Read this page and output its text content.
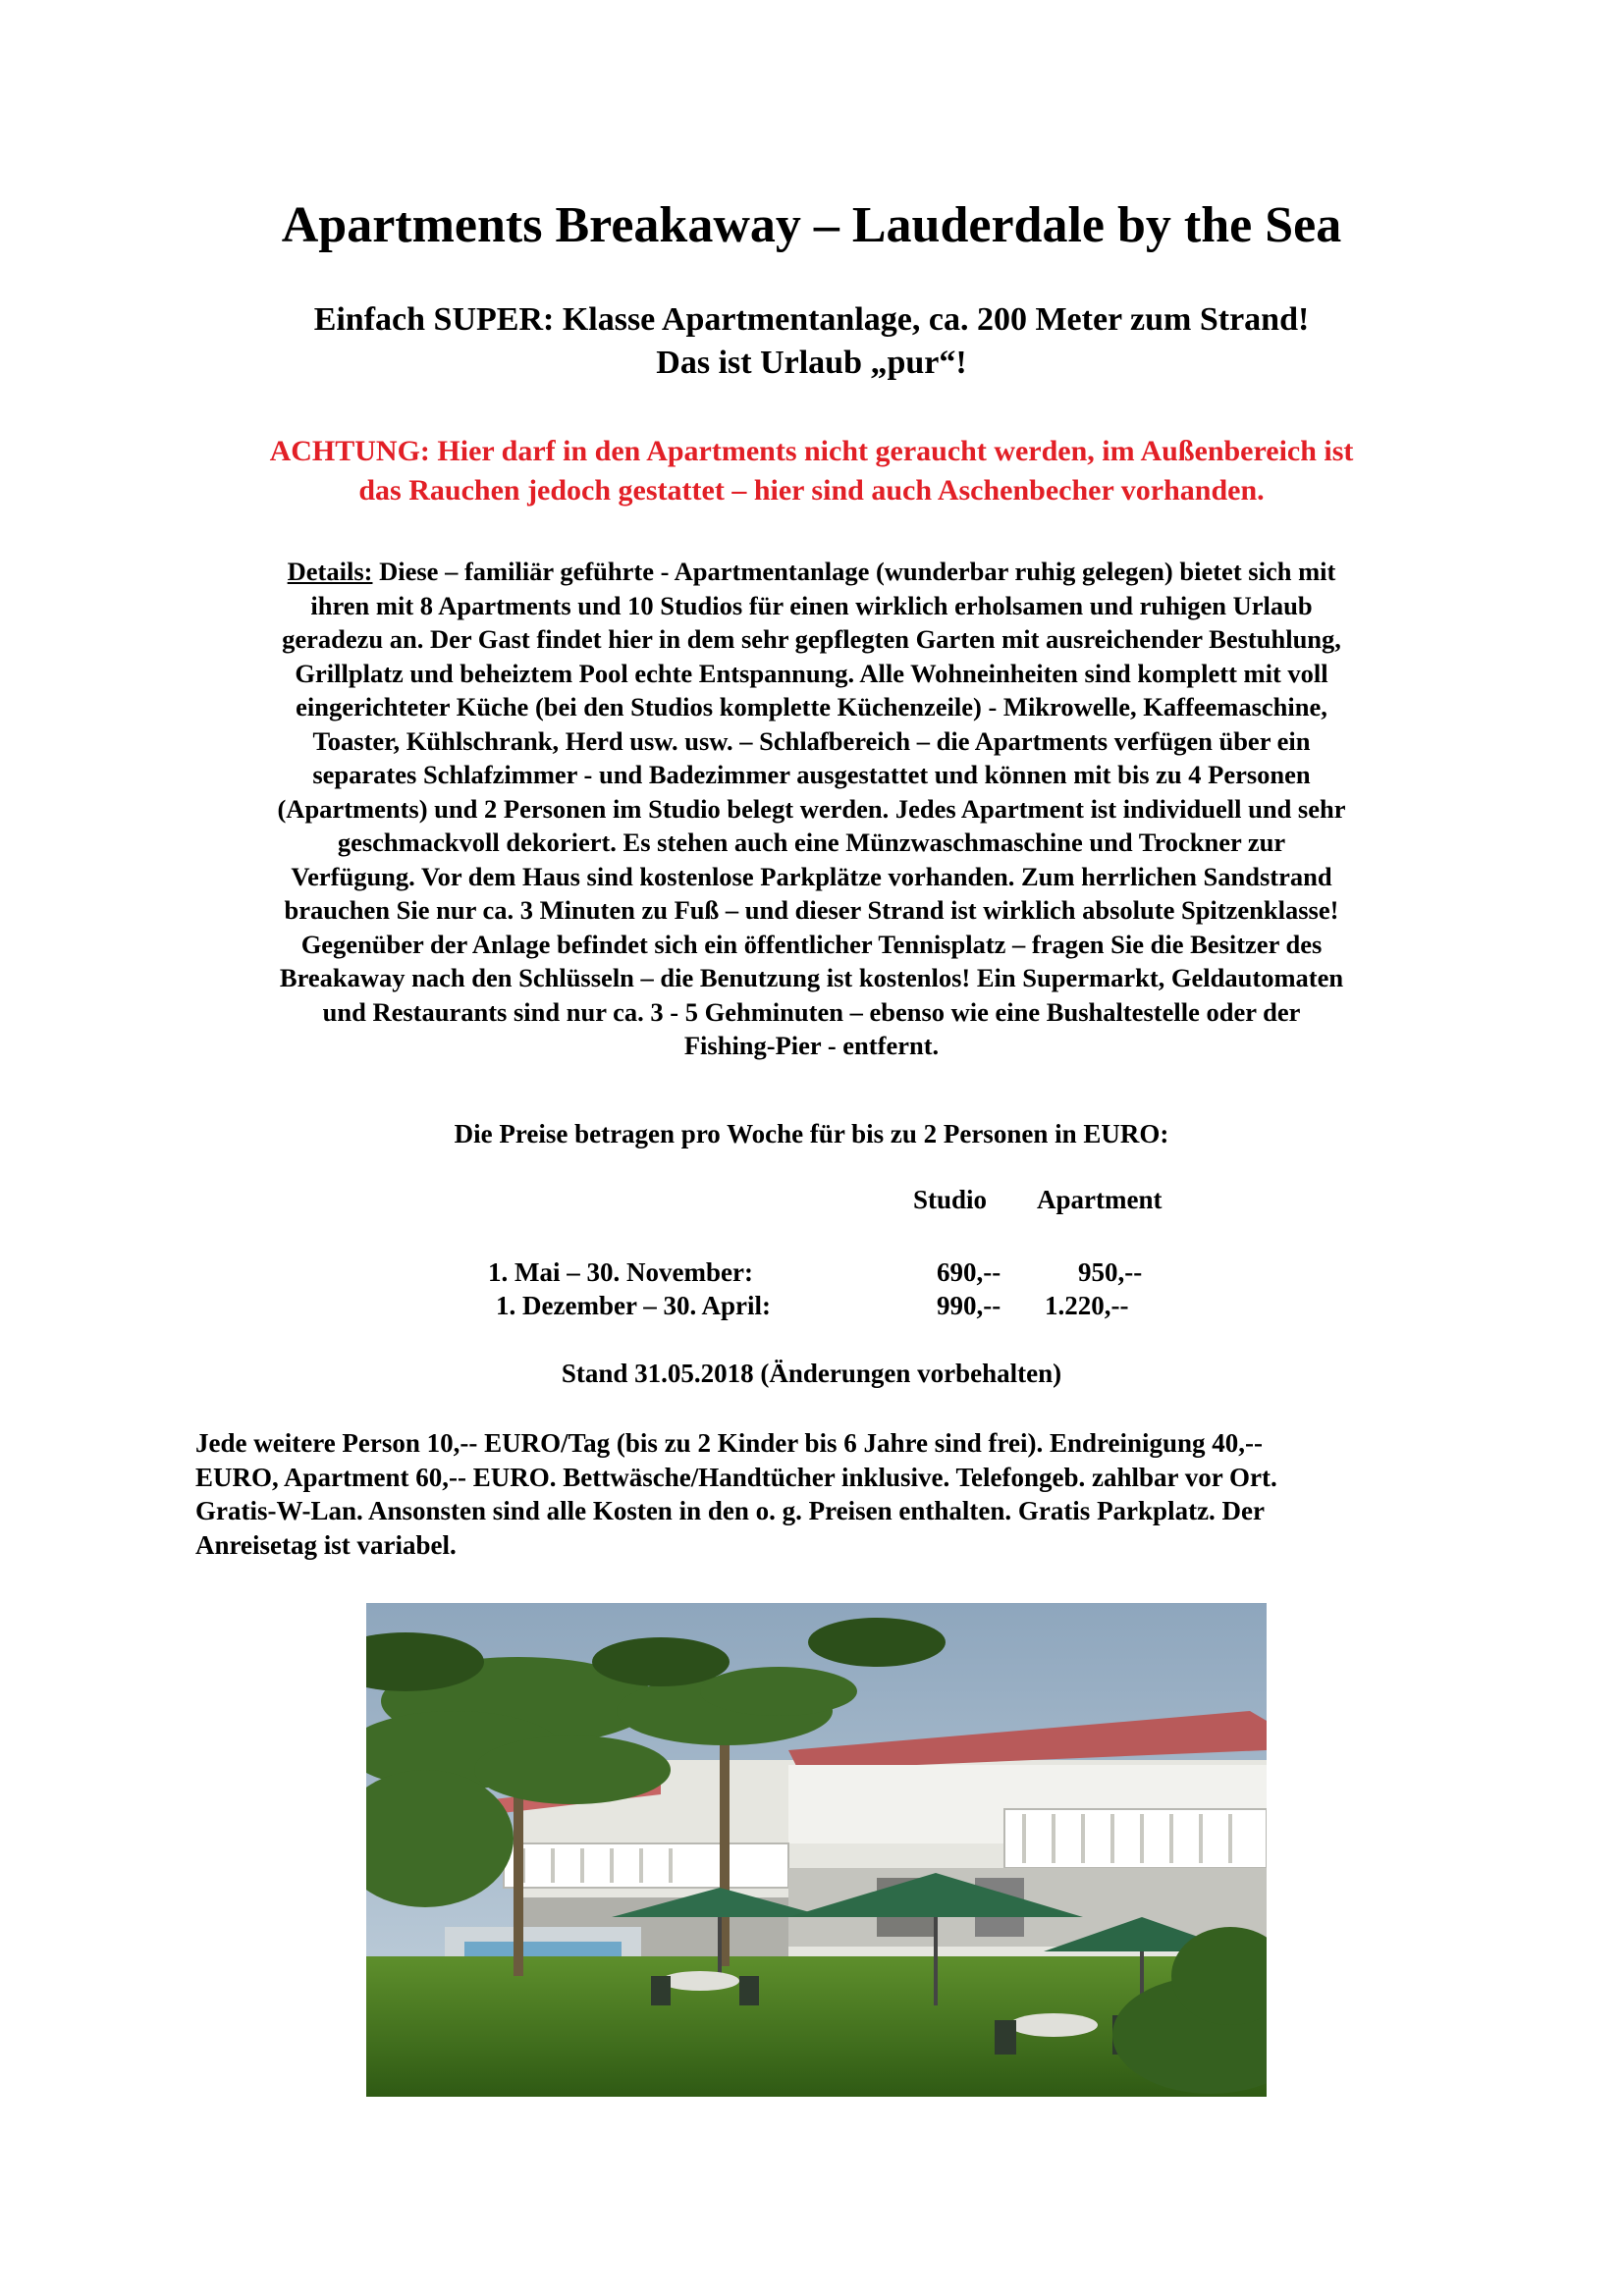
Apartments Breakaway – Lauderdale by the Sea
Einfach SUPER: Klasse Apartmentanlage, ca. 200 Meter zum Strand!
Das ist Urlaub „pur“!
ACHTUNG: Hier darf in den Apartments nicht geraucht werden, im Außenbereich ist
das Rauchen jedoch gestattet – hier sind auch Aschenbecher vorhanden.
Details: Diese – familiär geführte - Apartmentanlage (wunderbar ruhig gelegen) bietet sich mit
ihren mit 8 Apartments und 10 Studios für einen wirklich erholsamen und ruhigen Urlaub
geradezu an. Der Gast findet hier in dem sehr gepflegten Garten mit ausreichender Bestuhlung,
Grillplatz und beheiztem Pool echte Entspannung. Alle Wohneinheiten sind komplett mit voll
eingerichteter Küche (bei den Studios komplette Küchenzeile) - Mikrowelle, Kaffeemaschine,
Toaster, Kühlschrank, Herd usw. usw. – Schlafbereich – die Apartments verfügen über ein
separates Schlafzimmer - und Badezimmer ausgestattet und können mit bis zu 4 Personen
(Apartments) und 2 Personen im Studio belegt werden. Jedes Apartment ist individuell und sehr
geschmackvoll dekoriert. Es stehen auch eine Münzwaschmaschine und Trockner zur
Verfügung. Vor dem Haus sind kostenlose Parkplätze vorhanden. Zum herrlichen Sandstrand
brauchen Sie nur ca. 3 Minuten zu Fuß – und dieser Strand ist wirklich absolute Spitzenklasse!
Gegenüber der Anlage befindet sich ein öffentlicher Tennisplatz – fragen Sie die Besitzer des
Breakaway nach den Schlüsseln – die Benutzung ist kostenlos! Ein Supermarkt, Geldautomaten
und Restaurants sind nur ca. 3 - 5 Gehminuten – ebenso wie eine Bushaltestelle oder der
Fishing-Pier - entfernt.
Die Preise betragen pro Woche für bis zu 2 Personen in EURO:
Studio Apartment
1. Mai – 30. November:	690,--	950,--
1. Dezember – 30. April:	990,-- 1.220,--
Stand 31.05.2018 (Änderungen vorbehalten)
Jede weitere Person 10,-- EURO/Tag (bis zu 2 Kinder bis 6 Jahre sind frei). Endreinigung 40,--
EURO, Apartment 60,-- EURO. Bettwäsche/Handtücher inklusive. Telefongeb. zahlbar vor Ort.
Gratis-W-Lan. Ansonsten sind alle Kosten in den o. g. Preisen enthalten. Gratis Parkplatz. Der
Anreisetag ist variabel.
